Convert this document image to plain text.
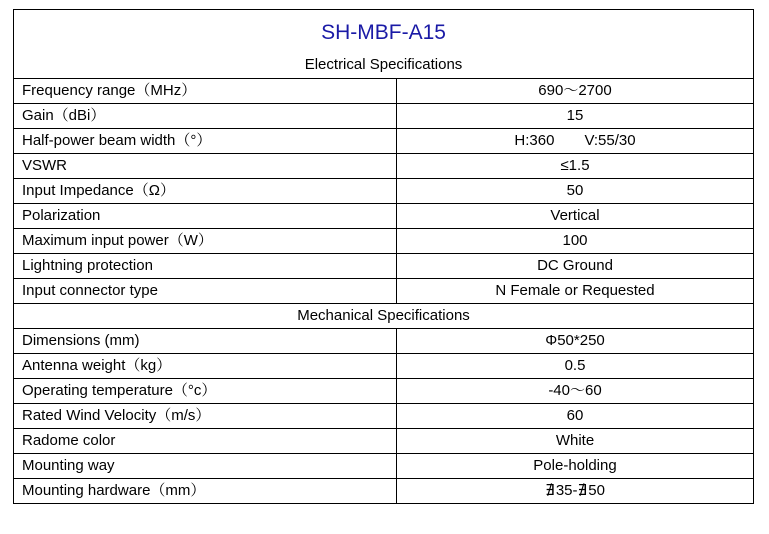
SH-MBF-A15	
Electrical Specifications	
Frequency range（MHz）	690～2700
Gain（dBi）	15
Half-power beam width（°）	H:360 V:55/30
VSWR	≤1.5
Input Impedance（Ω）	50
Polarization	Vertical
Maximum input power（W）	100
Lightning protection	DC Ground
Input connector type	N Female or Requested
Mechanical Specifications	
Dimensions (mm)	Φ50*250
Antenna weight（kg）	0.5
Operating temperature（°c）	-40～60
Rated Wind Velocity（m/s）	60
Radome color	White
Mounting way	Pole-holding
Mounting hardware（mm）	∄ 35-∄ 50
